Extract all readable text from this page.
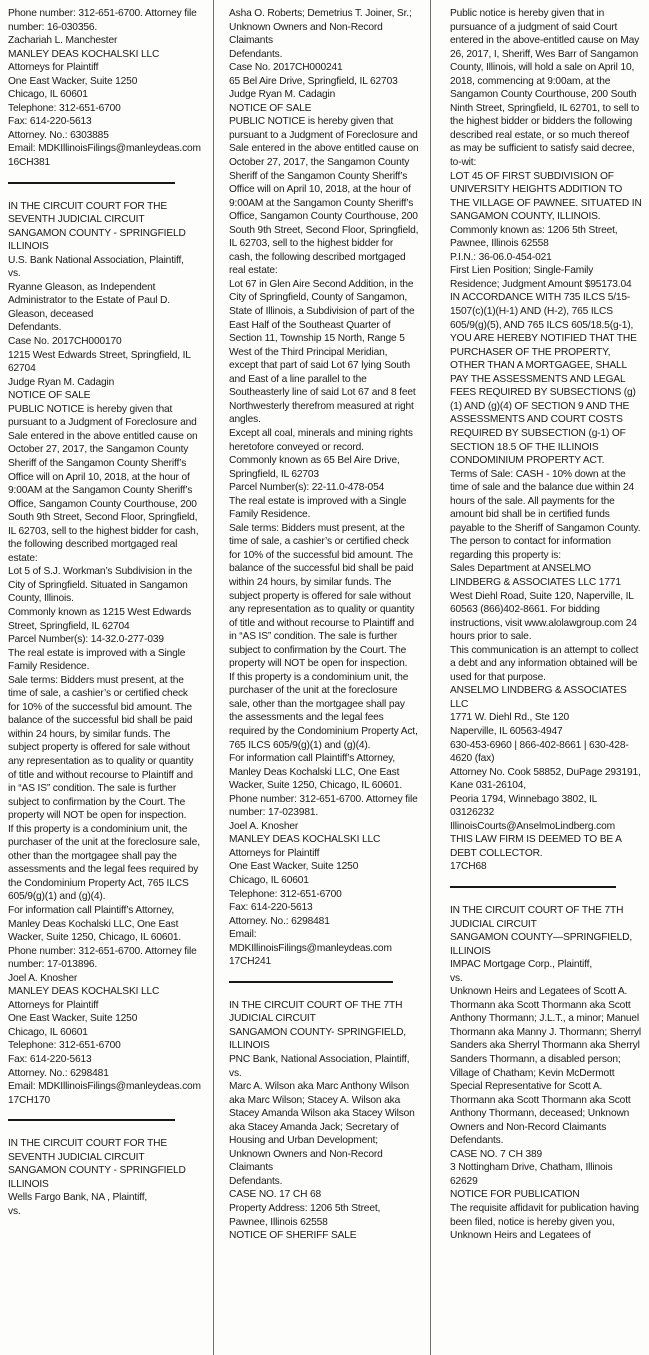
Phone number: 312-651-6700. Attorney file number: 16-030356.

Zachariah L. Manchester

MANLEY DEAS KOCHALSKI LLC

Attorneys for Plaintiff

One East Wacker, Suite 1250

Chicago, IL 60601

Telephone: 312-651-6700

Fax: 614-220-5613

Attorney. No.: 6303885

Email: MDKIllinoisFilings@manleydeas.com

16CH381

IN THE CIRCUIT COURT FOR THE SEVENTH JUDICIAL CIRCUIT

SANGAMON COUNTY - SPRINGFIELD ILLINOIS

U.S. Bank National Association, Plaintiff,

vs.

Ryanne Gleason, as Independent Administrator to the Estate of Paul D. Gleason, deceased

Defendants.

Case No. 2017CH000170

1215 West Edwards Street, Springfield, IL 62704

Judge Ryan M. Cadagin

NOTICE OF SALE

PUBLIC NOTICE is hereby given that pursuant to a Judgment of Foreclosure and Sale entered in the above entitled cause on October 27, 2017, the Sangamon County Sheriff of the Sangamon County Sheriff’s Office will on April 10, 2018, at the hour of 9:00AM at the Sangamon County Sheriff’s Office, Sangamon County Courthouse, 200 South 9th Street, Second Floor, Springfield, IL 62703, sell to the highest bidder for cash, the following described mortgaged real estate:

Lot 5 of S.J. Workman’s Subdivision in the City of Springfield. Situated in Sangamon County, Illinois.

Commonly known as 1215 West Edwards Street, Springfield, IL 62704

Parcel Number(s): 14-32.0-277-039

The real estate is improved with a Single Family Residence.

Sale terms: Bidders must present, at the time of sale, a cashier’s or certified check for 10% of the successful bid amount. The balance of the successful bid shall be paid within 24 hours, by similar funds. The subject property is offered for sale without any representation as to quality or quantity of title and without recourse to Plaintiff and in “AS IS” condition. The sale is further subject to confirmation by the Court. The property will NOT be open for inspection.

If this property is a condominium unit, the purchaser of the unit at the foreclosure sale, other than the mortgagee shall pay the assessments and the legal fees required by the Condominium Property Act, 765 ILCS 605/9(g)(1) and (g)(4).

For information call Plaintiff’s Attorney, Manley Deas Kochalski LLC, One East Wacker, Suite 1250, Chicago, IL 60601. Phone number: 312-651-6700. Attorney file number: 17-013896.

Joel A. Knosher

MANLEY DEAS KOCHALSKI LLC

Attorneys for Plaintiff

One East Wacker, Suite 1250

Chicago, IL 60601

Telephone: 312-651-6700

Fax: 614-220-5613

Attorney. No.: 6298481

Email: MDKIllinoisFilings@manleydeas.com

17CH170

IN THE CIRCUIT COURT FOR THE SEVENTH JUDICIAL CIRCUIT

SANGAMON COUNTY - SPRINGFIELD ILLINOIS

Wells Fargo Bank, NA , Plaintiff,

vs.

Asha O. Roberts; Demetrius T. Joiner, Sr.; Unknown Owners and Non-Record Claimants

Defendants.

Case No. 2017CH000241

65 Bel Aire Drive, Springfield, IL 62703

Judge Ryan M. Cadagin

NOTICE OF SALE

PUBLIC NOTICE is hereby given that pursuant to a Judgment of Foreclosure and Sale entered in the above entitled cause on October 27, 2017, the Sangamon County Sheriff of the Sangamon County Sheriff’s Office will on April 10, 2018, at the hour of 9:00AM at the Sangamon County Sheriff’s Office, Sangamon County Courthouse, 200 South 9th Street, Second Floor, Springfield, IL 62703, sell to the highest bidder for cash, the following described mortgaged real estate:

Lot 67 in Glen Aire Second Addition, in the City of Springfield, County of Sangamon, State of Illinois, a Subdivision of part of the East Half of the Southeast Quarter of Section 11, Township 15 North, Range 5 West of the Third Principal Meridian, except that part of said Lot 67 lying South and East of a line parallel to the Southeasterly line of said Lot 67 and 8 feet Northwesterly therefrom measured at right angles.

Except all coal, minerals and mining rights heretofore conveyed or record.

Commonly known as 65 Bel Aire Drive, Springfield, IL 62703

Parcel Number(s): 22-11.0-478-054

The real estate is improved with a Single Family Residence.

Sale terms: Bidders must present, at the time of sale, a cashier’s or certified check for 10% of the successful bid amount. The balance of the successful bid shall be paid within 24 hours, by similar funds. The subject property is offered for sale without any representation as to quality or quantity of title and without recourse to Plaintiff and in “AS IS” condition. The sale is further subject to confirmation by the Court. The property will NOT be open for inspection.

If this property is a condominium unit, the purchaser of the unit at the foreclosure sale, other than the mortgagee shall pay the assessments and the legal fees required by the Condominium Property Act, 765 ILCS 605/9(g)(1) and (g)(4).

For information call Plaintiff’s Attorney, Manley Deas Kochalski LLC, One East Wacker, Suite 1250, Chicago, IL 60601. Phone number: 312-651-6700. Attorney file number: 17-023981.

Joel A. Knosher

MANLEY DEAS KOCHALSKI LLC

Attorneys for Plaintiff

One East Wacker, Suite 1250

Chicago, IL 60601

Telephone: 312-651-6700

Fax: 614-220-5613

Attorney. No.: 6298481

Email: MDKIllinoisFilings@manleydeas.com

17CH241

IN THE CIRCUIT COURT OF THE 7TH JUDICIAL CIRCUIT

SANGAMON COUNTY- SPRINGFIELD, ILLINOIS

PNC Bank, National Association, Plaintiff,

vs.

Marc A. Wilson aka Marc Anthony Wilson aka Marc Wilson; Stacey A. Wilson aka Stacey Amanda Wilson aka Stacey Wilson aka Stacey Amanda Jack; Secretary of Housing and Urban Development; Unknown Owners and Non-Record Claimants

Defendants.

CASE NO. 17 CH 68

Property Address: 1206 5th Street, Pawnee, Illinois 62558

NOTICE OF SHERIFF SALE

Public notice is hereby given that in pursuance of a judgment of said Court entered in the above-entitled cause on May 26, 2017, I, Sheriff, Wes Barr of Sangamon County, Illinois, will hold a sale on April 10, 2018, commencing at 9:00am, at the Sangamon County Courthouse, 200 South Ninth Street, Springfield, IL 62701, to sell to the highest bidder or bidders the following described real estate, or so much thereof as may be sufficient to satisfy said decree, to-wit:

LOT 45 OF FIRST SUBDIVISION OF UNIVERSITY HEIGHTS ADDITION TO THE VILLAGE OF PAWNEE. SITUATED IN SANGAMON COUNTY, ILLINOIS.

Commonly known as: 1206 5th Street, Pawnee, Illinois 62558

P.I.N.: 36-06.0-454-021

First Lien Position; Single-Family Residence; Judgment Amount $95173.04

IN ACCORDANCE WITH 735 ILCS 5/15-1507(c)(1)(H-1) AND (H-2), 765 ILCS 605/9(g)(5), AND 765 ILCS 605/18.5(g-1), YOU ARE HEREBY NOTIFIED THAT THE PURCHASER OF THE PROPERTY, OTHER THAN A MORTGAGEE, SHALL PAY THE ASSESSMENTS AND LEGAL FEES REQUIRED BY SUBSECTIONS (g)(1) AND (g)(4) OF SECTION 9 AND THE ASSESSMENTS AND COURT COSTS REQUIRED BY SUBSECTION (g-1) OF SECTION 18.5 OF THE ILLINOIS CONDOMINIUM PROPERTY ACT.

Terms of Sale: CASH - 10% down at the time of sale and the balance due within 24 hours of the sale. All payments for the amount bid shall be in certified funds payable to the Sheriff of Sangamon County.

The person to contact for information regarding this property is:

Sales Department at ANSELMO LINDBERG & ASSOCIATES LLC 1771 West Diehl Road, Suite 120, Naperville, IL 60563 (866)402-8661. For bidding instructions, visit www.alolawgroup.com 24 hours prior to sale.

This communication is an attempt to collect a debt and any information obtained will be used for that purpose.

ANSELMO LINDBERG & ASSOCIATES LLC

1771 W. Diehl Rd., Ste 120

Naperville, IL 60563-4947

630-453-6960 | 866-402-8661 | 630-428-4620 (fax)

Attorney No. Cook 58852, DuPage 293191, Kane 031-26104,

Peoria 1794, Winnebago 3802, IL 03126232

IllinoisCourts@AnselmoLindberg.com

THIS LAW FIRM IS DEEMED TO BE A DEBT COLLECTOR.

17CH68

IN THE CIRCUIT COURT OF THE 7TH JUDICIAL CIRCUIT

SANGAMON COUNTY—SPRINGFIELD, ILLINOIS

IMPAC Mortgage Corp., Plaintiff,

vs.

Unknown Heirs and Legatees of Scott A. Thormann aka Scott Thormann aka Scott Anthony Thormann; J.L.T., a minor; Manuel Thormann aka Manny J. Thormann; Sherryl Sanders aka Sherryl Thormann aka Sherryl Sanders Thormann, a disabled person; Village of Chatham; Kevin McDermott Special Representative for Scott A. Thormann aka Scott Thormann aka Scott Anthony Thormann, deceased; Unknown Owners and Non-Record Claimants

Defendants.

CASE NO. 7 CH 389

3 Nottingham Drive, Chatham, Illinois 62629

NOTICE FOR PUBLICATION

The requisite affidavit for publication having been filed, notice is hereby given you, Unknown Heirs and Legatees of
